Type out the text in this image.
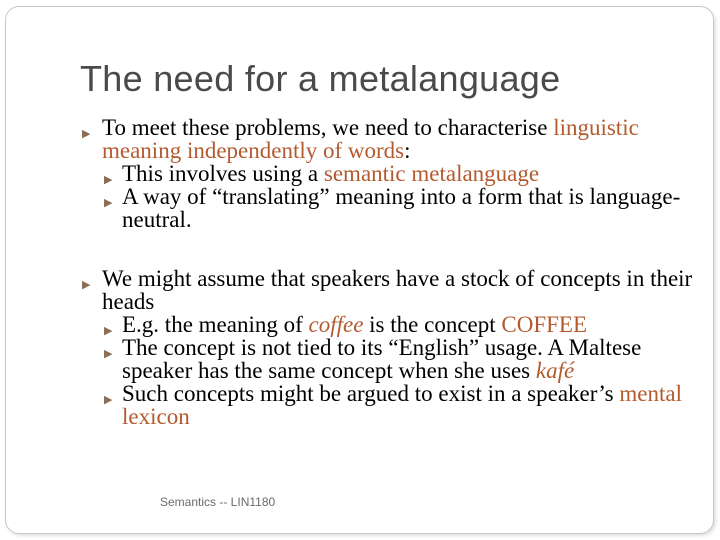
The need for a metalanguage
▶ To meet these problems, we need to characterise linguistic meaning independently of words:
▶ This involves using a semantic metalanguage
▶ A way of “translating” meaning into a form that is language-neutral.
▶ We might assume that speakers have a stock of concepts in their heads
▶ E.g. the meaning of coffee is the concept COFFEE
▶ The concept is not tied to its “English” usage. A Maltese speaker has the same concept when she uses kafé
▶ Such concepts might be argued to exist in a speaker’s mental lexicon
Semantics -- LIN1180
